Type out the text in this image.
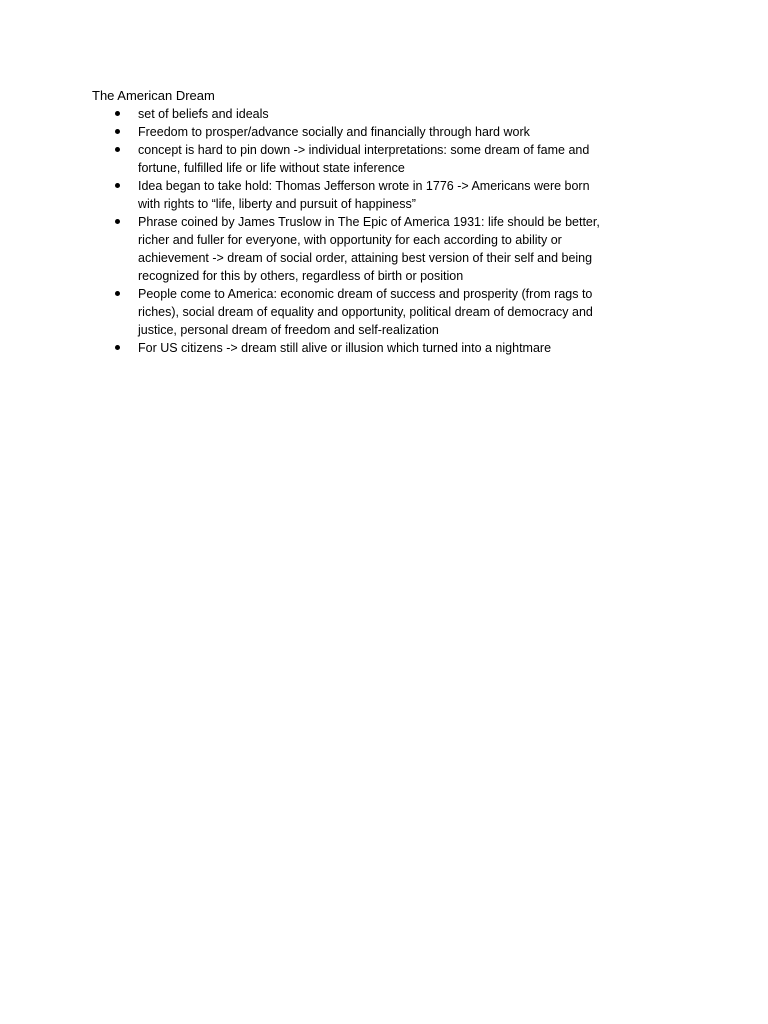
The American Dream
set of beliefs and ideals
Freedom to prosper/advance socially and financially through hard work
concept is hard to pin down -> individual interpretations: some dream of fame and
fortune, fulfilled life or life without state inference
Idea began to take hold: Thomas Jefferson wrote in 1776 -> Americans were born
with rights to “life, liberty and pursuit of happiness”
Phrase coined by James Truslow in The Epic of America 1931: life should be better,
richer and fuller for everyone, with opportunity for each according to ability or
achievement -> dream of social order, attaining best version of their self and being
recognized for this by others, regardless of birth or position
People come to America: economic dream of success and prosperity (from rags to
riches), social dream of equality and opportunity, political dream of democracy and
justice, personal dream of freedom and self-realization
For US citizens -> dream still alive or illusion which turned into a nightmare
